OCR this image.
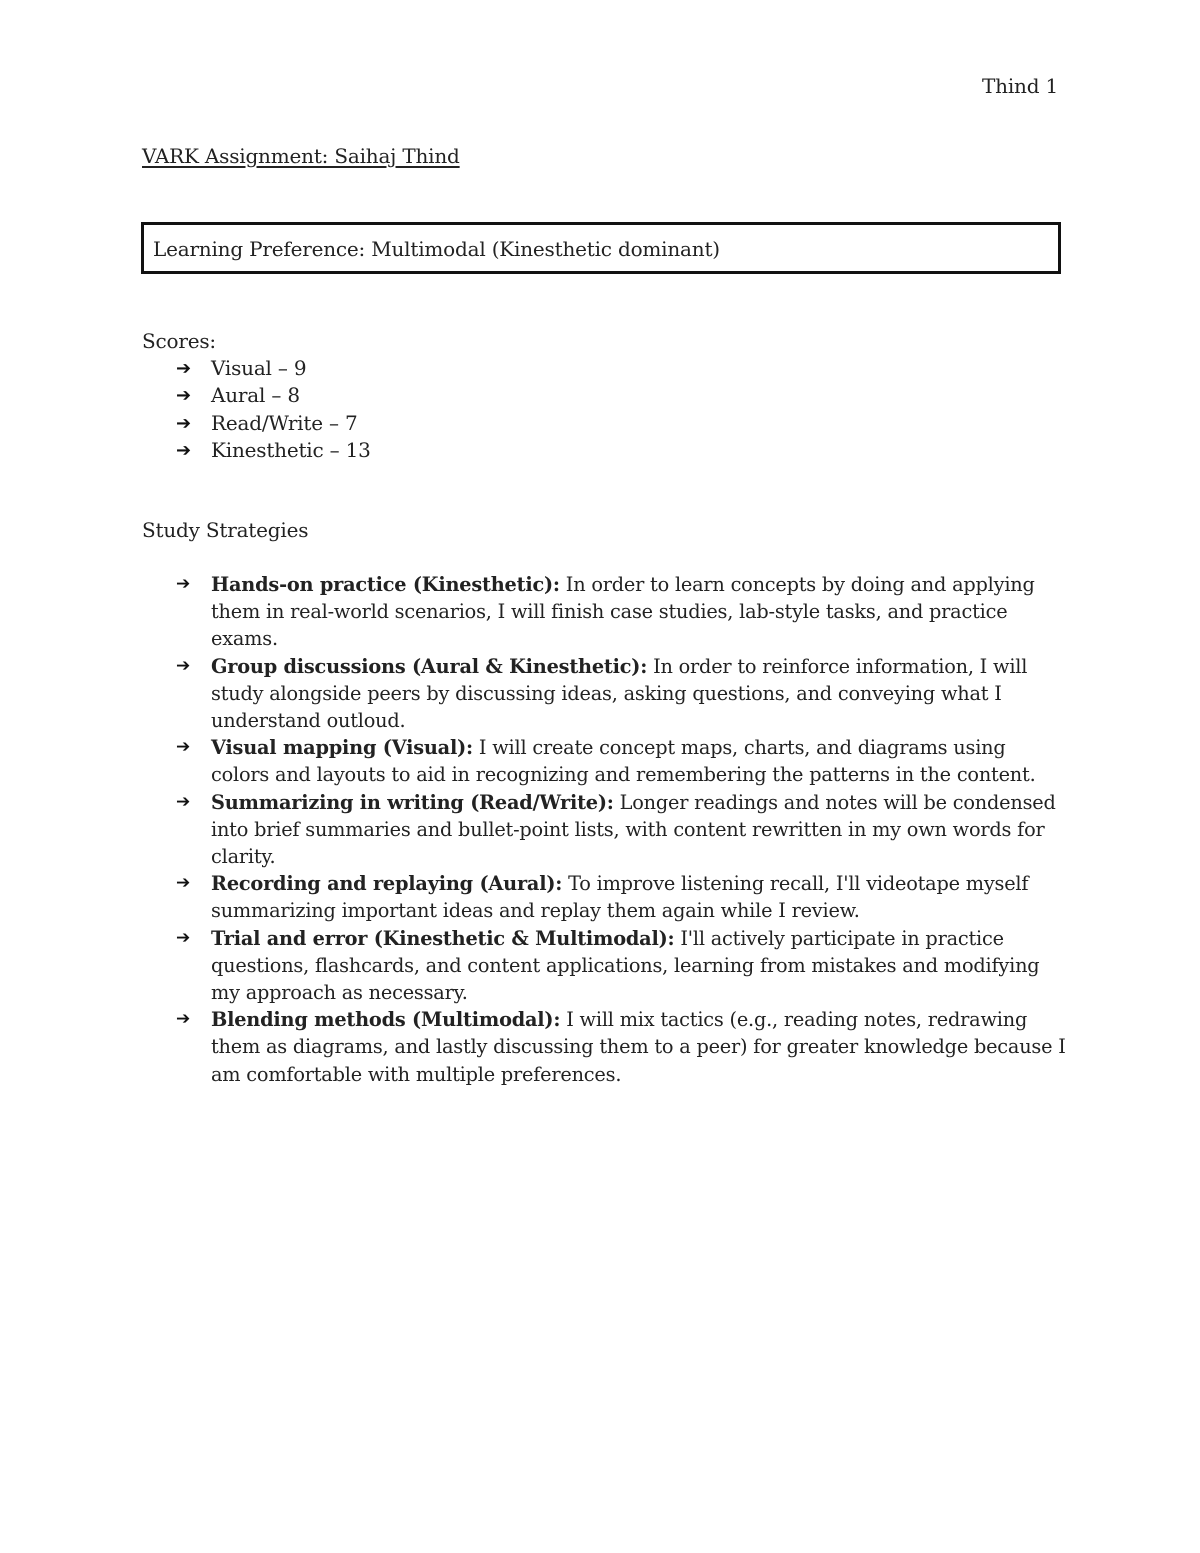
Thind 1
VARK Assignment: Saihaj Thind
Learning Preference: Multimodal (Kinesthetic dominant)
Scores:
➔	Visual – 9
➔	Aural – 8
➔	Read/Write – 7
➔	Kinesthetic – 13
Study Strategies
➔	Hands-on practice (Kinesthetic): In order to learn concepts by doing and applying them in real-world scenarios, I will finish case studies, lab-style tasks, and practice exams.
➔	Group discussions (Aural & Kinesthetic): In order to reinforce information, I will study alongside peers by discussing ideas, asking questions, and conveying what I understand outloud.
➔	Visual mapping (Visual): I will create concept maps, charts, and diagrams using colors and layouts to aid in recognizing and remembering the patterns in the content.
➔	Summarizing in writing (Read/Write): Longer readings and notes will be condensed into brief summaries and bullet-point lists, with content rewritten in my own words for clarity.
➔	Recording and replaying (Aural): To improve listening recall, I'll videotape myself summarizing important ideas and replay them again while I review.
➔	Trial and error (Kinesthetic & Multimodal): I'll actively participate in practice questions, flashcards, and content applications, learning from mistakes and modifying my approach as necessary.
➔	Blending methods (Multimodal): I will mix tactics (e.g., reading notes, redrawing them as diagrams, and lastly discussing them to a peer) for greater knowledge because I am comfortable with multiple preferences.
